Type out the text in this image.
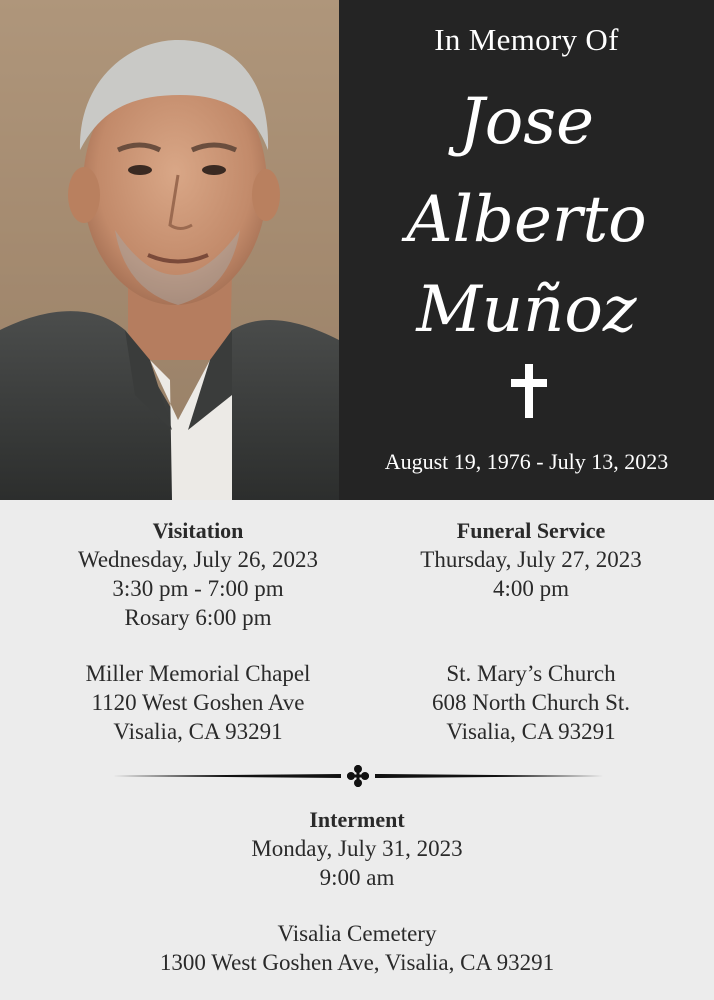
In Memory Of
Jose
Alberto
Muñoz
August 19, 1976 - July 13, 2023
Visitation
Wednesday, July 26, 2023
3:30 pm - 7:00 pm
Rosary 6:00 pm
Miller Memorial Chapel
1120 West Goshen Ave
Visalia, CA 93291
Funeral Service
Thursday, July 27, 2023
4:00 pm
St. Mary’s Church
608 North Church St.
Visalia, CA 93291
Interment
Monday, July 31, 2023
9:00 am
Visalia Cemetery
1300 West Goshen Ave, Visalia, CA 93291
